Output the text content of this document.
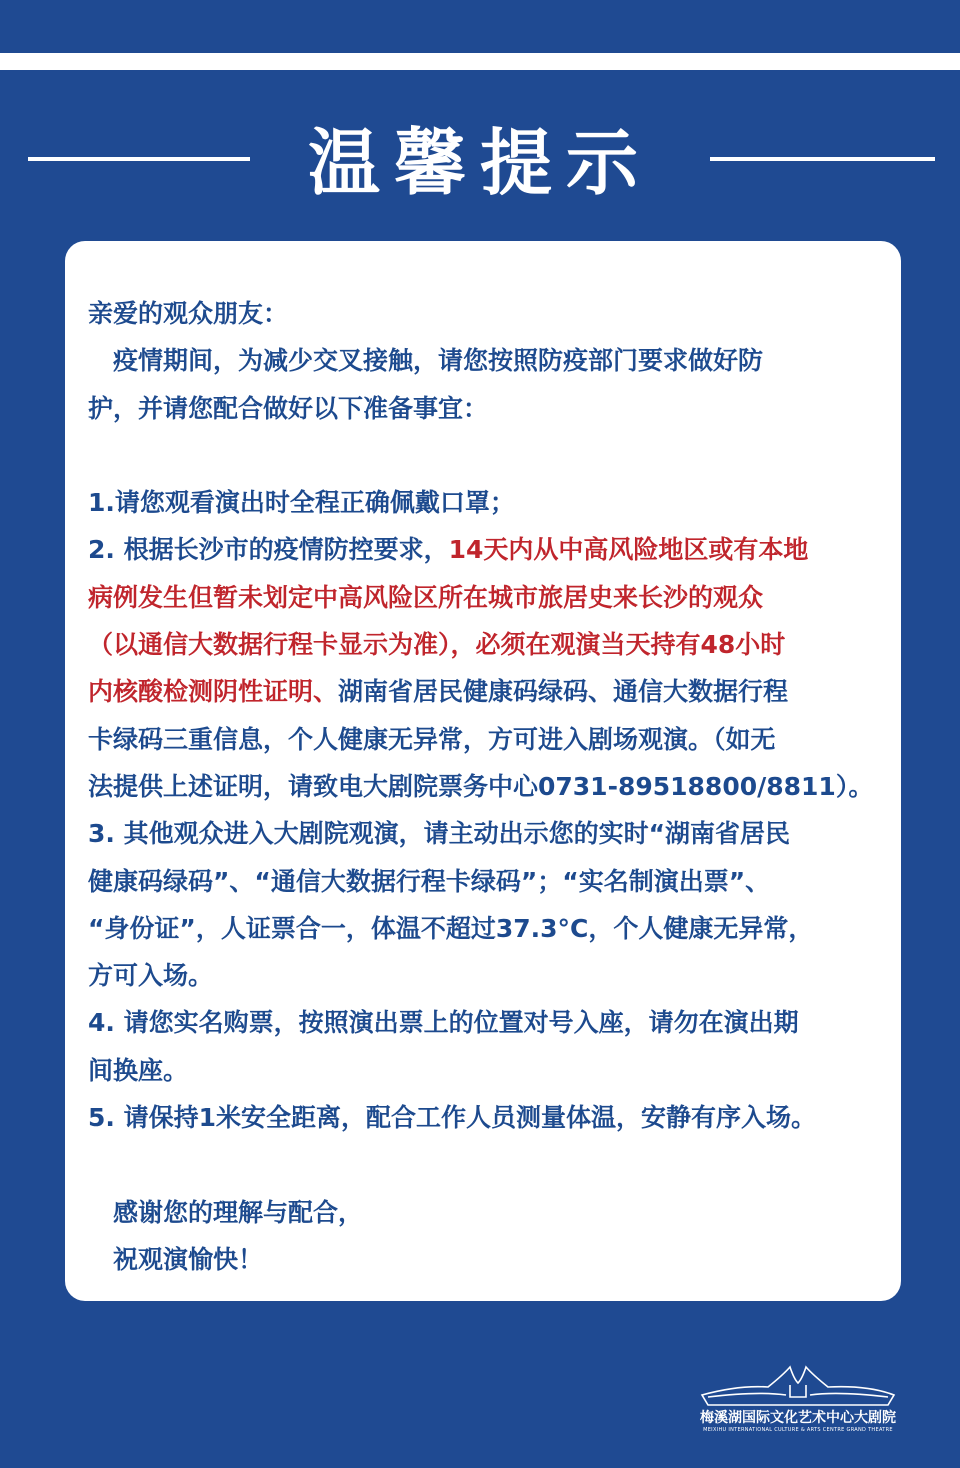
温馨提示
亲爱的观众朋友：
　疫情期间，为减少交叉接触，请您按照防疫部门要求做好防
护，并请您配合做好以下准备事宜：
1.请您观看演出时全程正确佩戴口罩；
2. 根据长沙市的疫情防控要求，14天内从中高风险地区或有本地
病例发生但暂未划定中高风险区所在城市旅居史来长沙的观众
（以通信大数据行程卡显示为准），必须在观演当天持有48小时
内核酸检测阴性证明、湖南省居民健康码绿码、通信大数据行程
卡绿码三重信息，个人健康无异常，方可进入剧场观演。（如无
法提供上述证明，请致电大剧院票务中心0731-89518800/8811）。
3. 其他观众进入大剧院观演，请主动出示您的实时“湖南省居民
健康码绿码”、“通信大数据行程卡绿码”；“实名制演出票”、
“身份证”，人证票合一，体温不超过37.3°C，个人健康无异常，
方可入场。
4. 请您实名购票，按照演出票上的位置对号入座，请勿在演出期
间换座。
5. 请保持1米安全距离，配合工作人员测量体温，安静有序入场。
　感谢您的理解与配合，
　祝观演愉快！
梅溪湖国际文化艺术中心大剧院
MEIXIHU INTERNATIONAL CULTURE & ARTS CENTRE GRAND THEATRE
